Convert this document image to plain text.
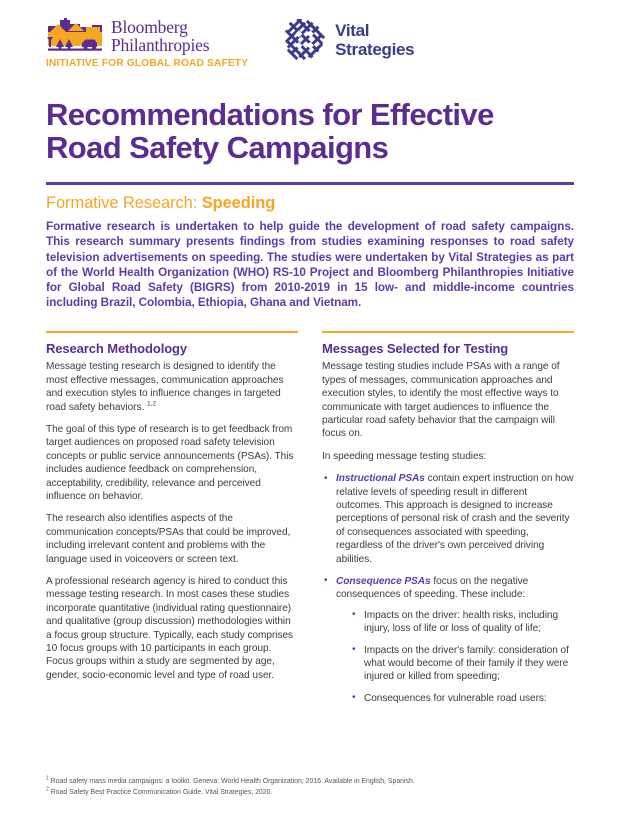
Bloomberg
Philanthropies
INITIATIVE FOR GLOBAL ROAD SAFETY
Vital
Strategies
Recommendations for Effective Road Safety Campaigns
Formative Research: Speeding

Formative research is undertaken to help guide the development of road safety campaigns. This research summary presents findings from studies examining responses to road safety television advertisements on speeding. The studies were undertaken by Vital Strategies as part of the World Health Organization (WHO) RS-10 Project and Bloomberg Philanthropies Initiative for Global Road Safety (BIGRS) from 2010-2019 in 15 low- and middle-income countries including Brazil, Colombia, Ethiopia, Ghana and Vietnam.

Research Methodology

Message testing research is designed to identify the most effective messages, communication approaches and execution styles to influence changes in targeted road safety behaviors. $^{1,2}$

The goal of this type of research is to get feedback from target audiences on proposed road safety television concepts or public service announcements (PSAs). This includes audience feedback on comprehension, acceptability, credibility, relevance and perceived influence on behavior.

The research also identifies aspects of the communication concepts/PSAs that could be improved, including irrelevant content and problems with the language used in voiceovers or screen text.

A professional research agency is hired to conduct this message testing research. In most cases these studies incorporate quantitative (individual rating questionnaire) and qualitative (group discussion) methodologies within a focus group structure. Typically, each study comprises 10 focus groups with 10 participants in each group. Focus groups within a study are segmented by age, gender, socio-economic level and type of road user.

Messages Selected for Testing

Message testing studies include PSAs with a range of types of messages, communication approaches and execution styles, to identify the most effective ways to communicate with target audiences to influence the particular road safety behavior that the campaign will focus on.

In speeding message testing studies:

• Instructional PSAs contain expert instruction on how relative levels of speeding result in different outcomes. This approach is designed to increase perceptions of personal risk of crash and the severity of consequences associated with speeding, regardless of the driver's own perceived driving abilities.
• Consequence PSAs focus on the negative consequences of speeding. These include:
• Impacts on the driver: health risks, including injury, loss of life or loss of quality of life;
• Impacts on the driver's family: consideration of what would become of their family if they were injured or killed from speeding;
• Consequences for vulnerable road users:
$^1$ Road safety mass media campaigns: a toolkit. Geneva: World Health Organization; 2016. Available in English, Spanish.
$^2$ Road Safety Best Practice Communication Guide. Vital Strategies; 2020.
